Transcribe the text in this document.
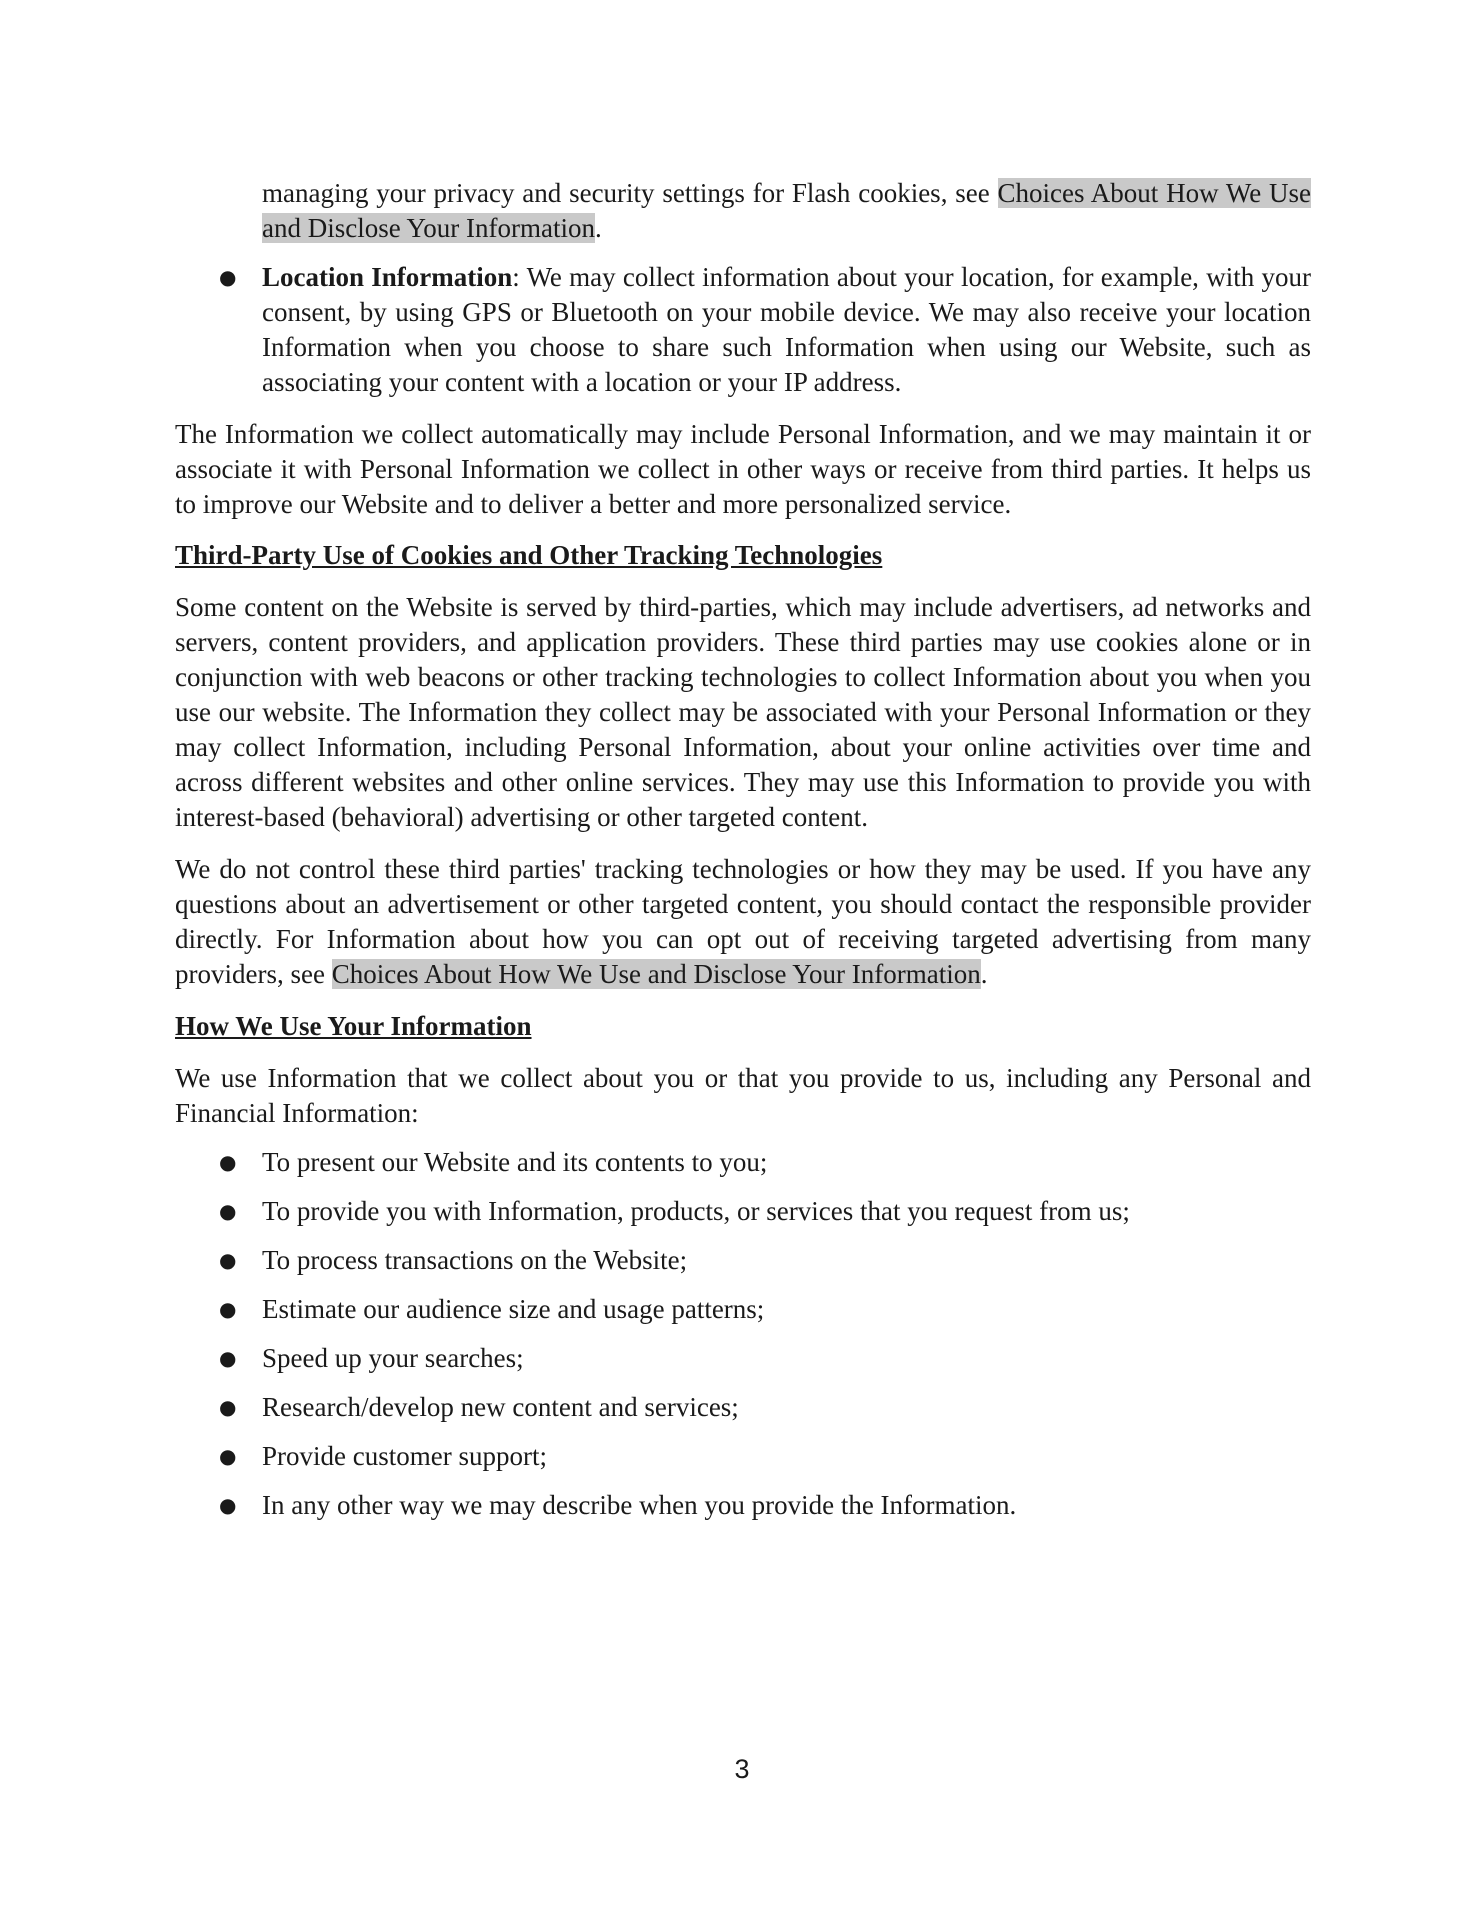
managing your privacy and security settings for Flash cookies, see Choices About How We Use and Disclose Your Information.

● Location Information: We may collect information about your location, for example, with your consent, by using GPS or Bluetooth on your mobile device. We may also receive your location Information when you choose to share such Information when using our Website, such as associating your content with a location or your IP address.

The Information we collect automatically may include Personal Information, and we may maintain it or associate it with Personal Information we collect in other ways or receive from third parties. It helps us to improve our Website and to deliver a better and more personalized service.

Third-Party Use of Cookies and Other Tracking Technologies

Some content on the Website is served by third-parties, which may include advertisers, ad networks and servers, content providers, and application providers. These third parties may use cookies alone or in conjunction with web beacons or other tracking technologies to collect Information about you when you use our website. The Information they collect may be associated with your Personal Information or they may collect Information, including Personal Information, about your online activities over time and across different websites and other online services. They may use this Information to provide you with interest-based (behavioral) advertising or other targeted content.

We do not control these third parties' tracking technologies or how they may be used. If you have any questions about an advertisement or other targeted content, you should contact the responsible provider directly. For Information about how you can opt out of receiving targeted advertising from many providers, see Choices About How We Use and Disclose Your Information.

How We Use Your Information

We use Information that we collect about you or that you provide to us, including any Personal and Financial Information:

● To present our Website and its contents to you;
● To provide you with Information, products, or services that you request from us;
● To process transactions on the Website;
● Estimate our audience size and usage patterns;
● Speed up your searches;
● Research/develop new content and services;
● Provide customer support;
● In any other way we may describe when you provide the Information.
3
